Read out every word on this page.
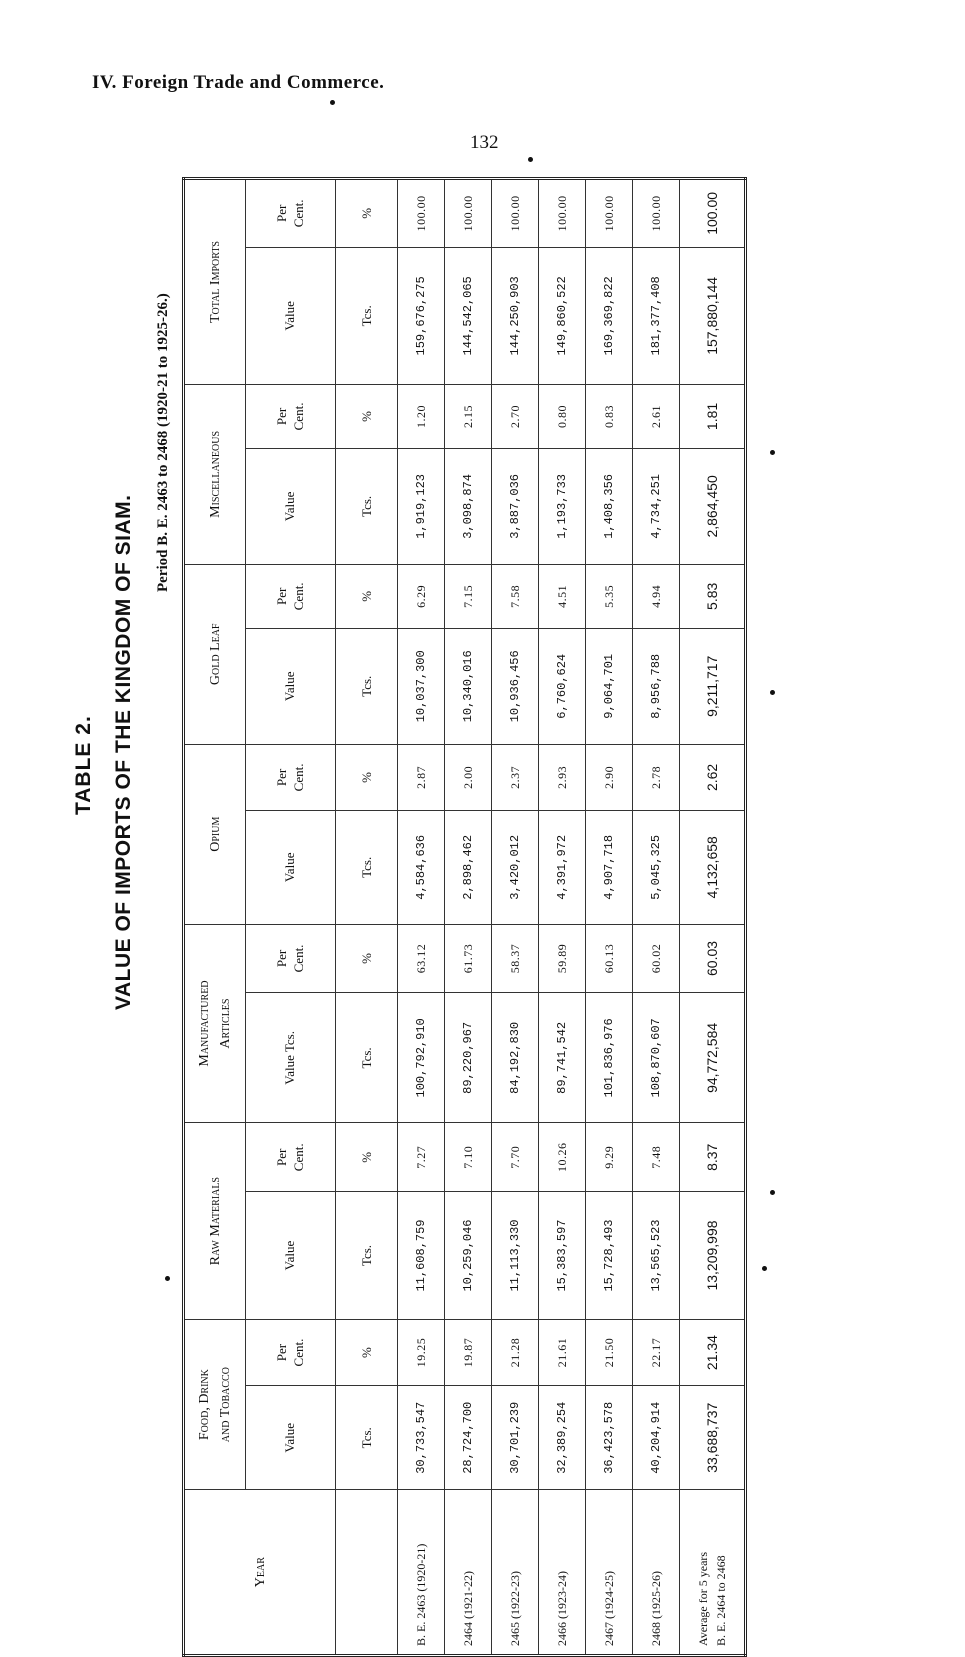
IV. Foreign Trade and Commerce.
132
TABLE 2. VALUE OF IMPORTS OF THE KINGDOM OF SIAM.
Period B. E. 2463 to 2468 (1920-21 to 1925-26.)
Year	Food, Drink and Tobacco		Raw Materials		Manufactured Articles		Opium		Gold Leaf		Miscellaneous		Total Imports	
	Value	Per Cent.	Value	Per Cent.	Value Tcs.	Per Cent.	Value	Per Cent.	Value	Per Cent.	Value	Per Cent.	Value	Per Cent.
	Tcs.	%	Tcs.	%	Tcs.	%	Tcs.	%	Tcs.	%	Tcs.	%	Tcs.	%
B. E. 2463 (1920-21)	30,733,547	19.25	11,608,759	7.27	100,792,910	63.12	4,584,636	2.87	10,037,300	6.29	1,919,123	1.20	159,676,275	100.00
2464 (1921-22)	28,724,700	19.87	10,259,046	7.10	89,220,967	61.73	2,898,462	2.00	10,340,016	7.15	3,098,874	2.15	144,542,065	100.00
2465 (1922-23)	30,701,239	21.28	11,113,330	7.70	84,192,830	58.37	3,420,012	2.37	10,936,456	7.58	3,887,036	2.70	144,250,903	100.00
2466 (1923-24)	32,389,254	21.61	15,383,597	10.26	89,741,542	59.89	4,391,972	2.93	6,760,624	4.51	1,193,733	0.80	149,860,522	100.00
2467 (1924-25)	36,423,578	21.50	15,728,493	9.29	101,836,976	60.13	4,907,718	2.90	9,064,701	5.35	1,408,356	0.83	169,369,822	100.00
2468 (1925-26)	40,204,914	22.17	13,565,523	7.48	108,870,607	60.02	5,045,325	2.78	8,956,788	4.94	4,734,251	2.61	181,377,408	100.00
Average for 5 years B. E. 2464 to 2468	33,688,737	21.34	13,209,998	8.37	94,772,584	60.03	4,132,658	2.62	9,211,717	5.83	2,864,450	1.81	157,880,144	100.00
